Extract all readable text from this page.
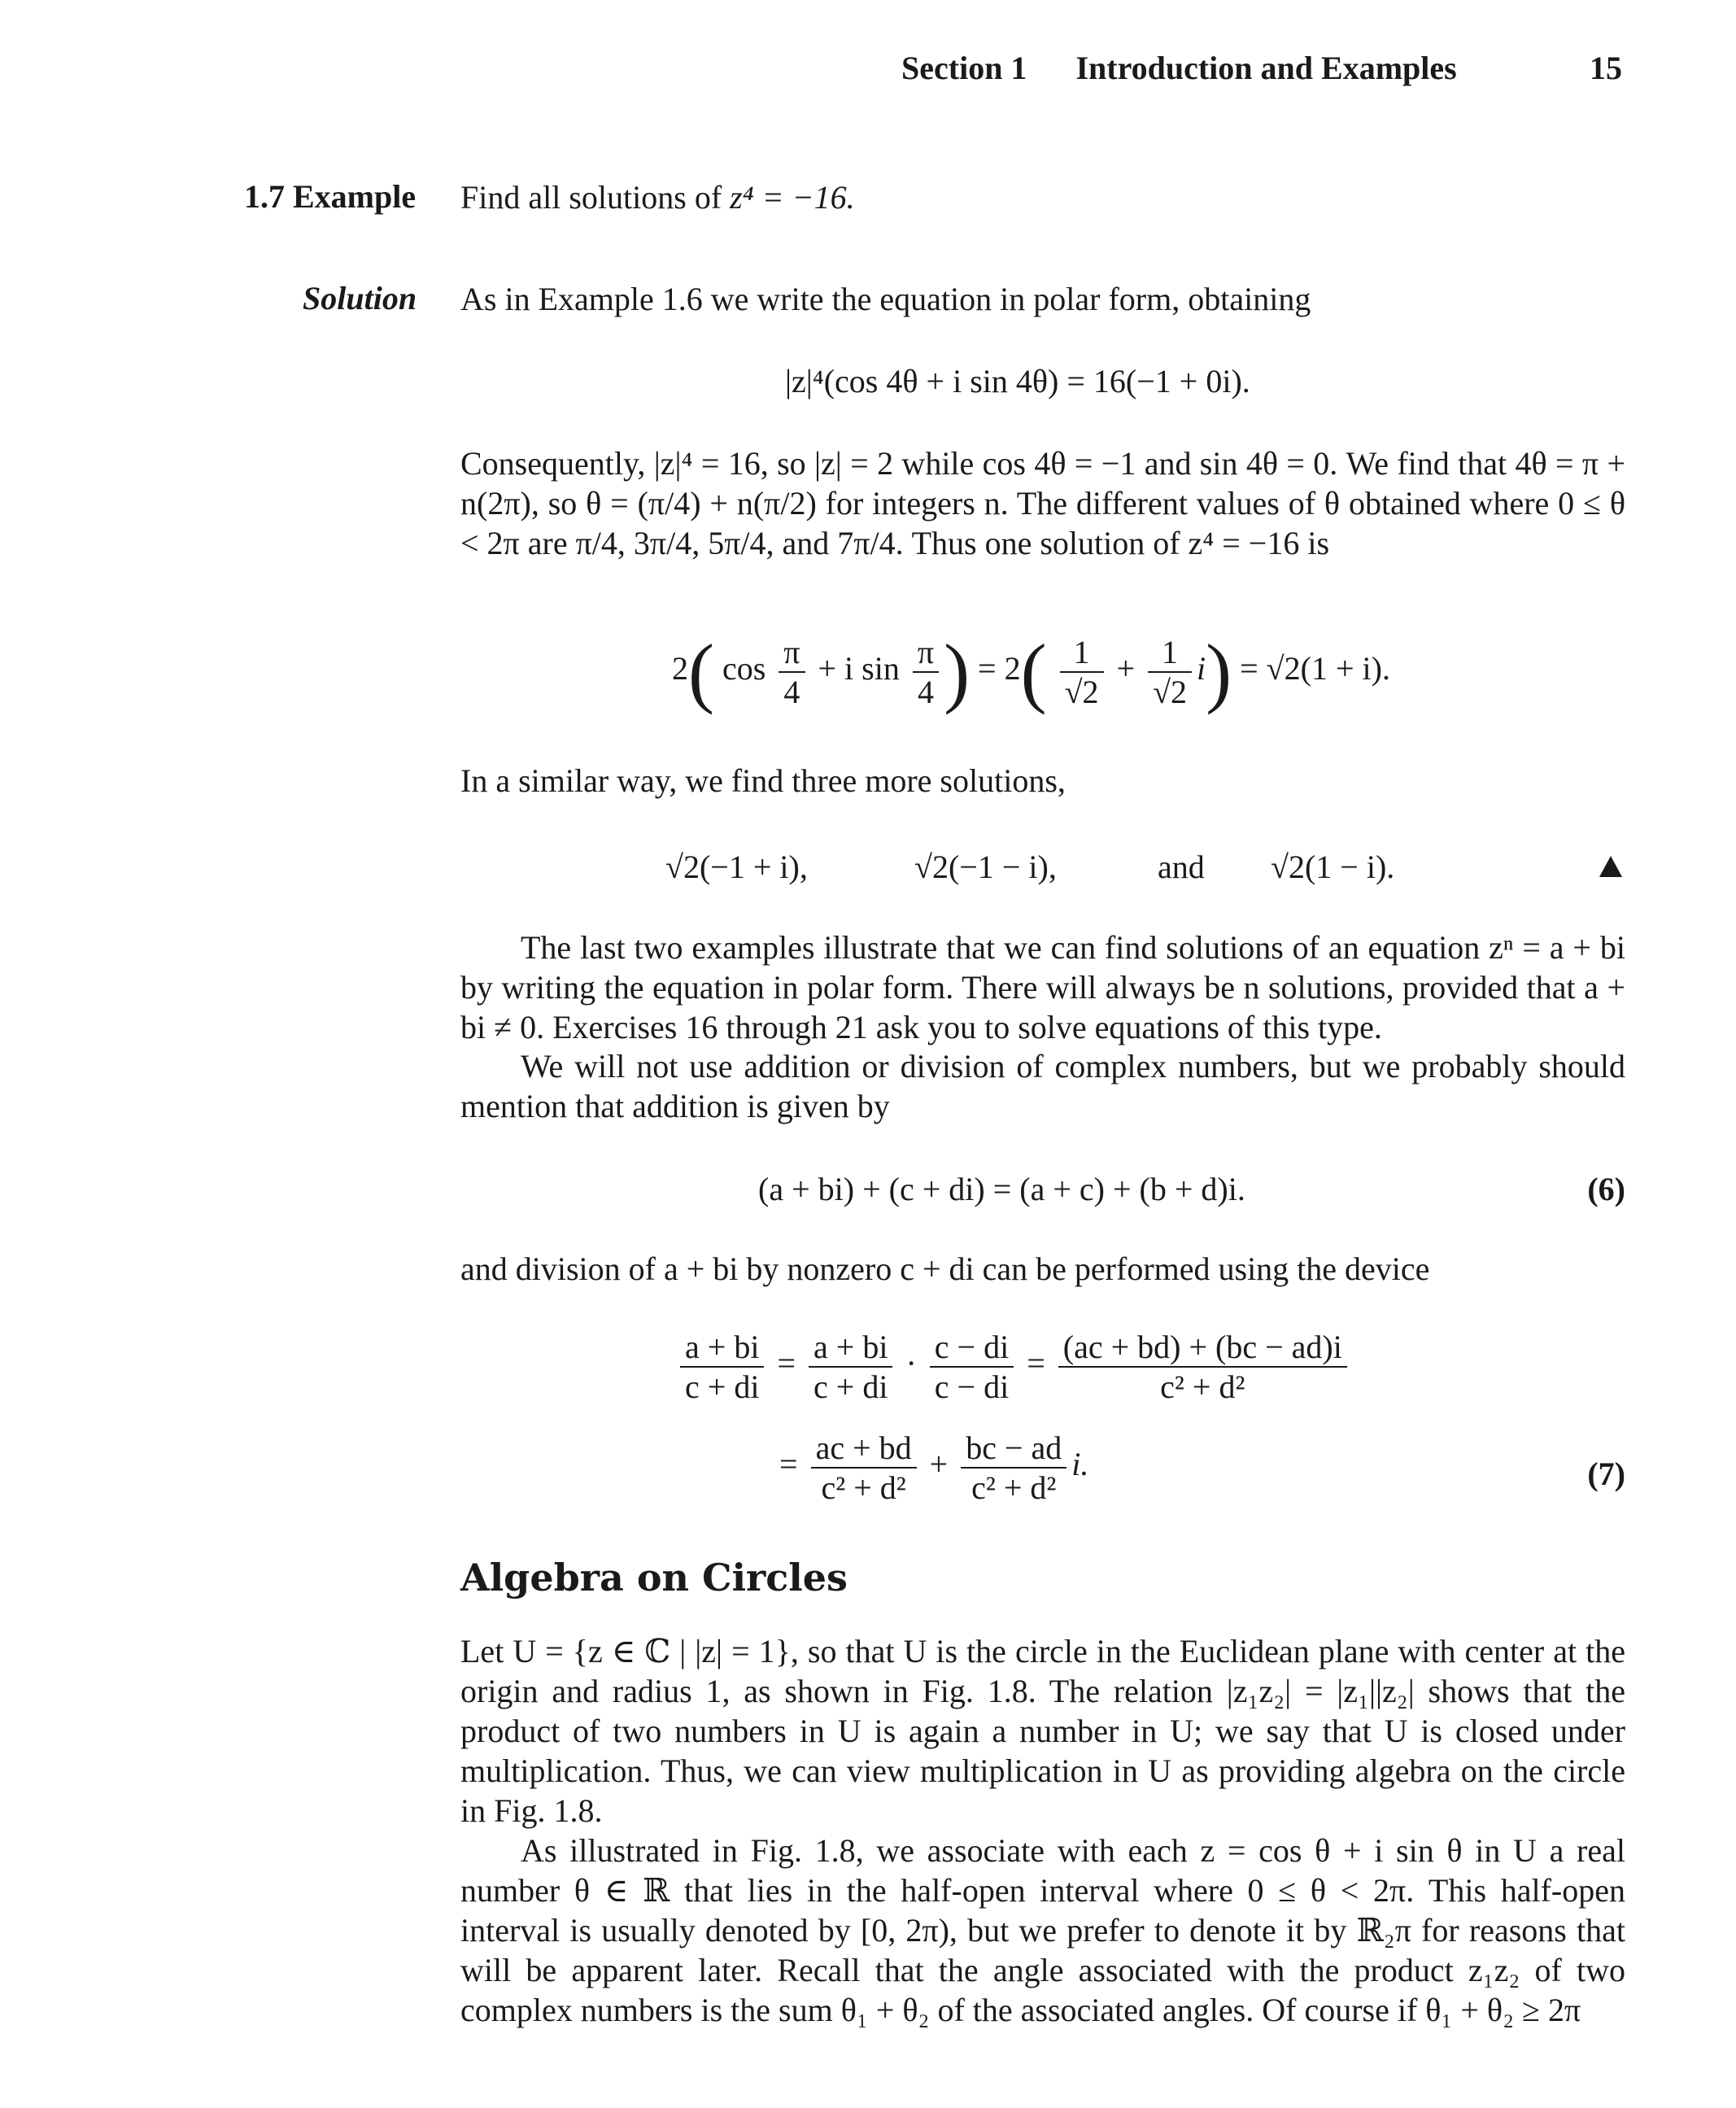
Section 1 Introduction and Examples	15
1.7 Example Find all solutions of z⁴ = −16.
Solution As in Example 1.6 we write the equation in polar form, obtaining
|z|⁴(cos 4θ + i sin 4θ) = 16(−1 + 0i).
Consequently, |z|⁴ = 16, so |z| = 2 while cos 4θ = −1 and sin 4θ = 0. We find that 4θ = π + n(2π), so θ = (π/4) + n(π/2) for integers n. The different values of θ obtained where 0 ≤ θ < 2π are π/4, 3π/4, 5π/4, and 7π/4. Thus one solution of z⁴ = −16 is
2( $\cos \frac{\pi}{4} + i$ $\sin \frac{\pi}{4}$ ) = $2( \frac{1}{√2} + \frac{1}{√2} i) = √2(1 + i)$.
In a similar way, we find three more solutions,
√2(−1 + i),	√2(−1 − i),	and √2(1 − i).
The last two examples illustrate that we can find solutions of an equation zⁿ = a + bi by writing the equation in polar form. There will always be n solutions, provided that a + bi ≠ 0. Exercises 16 through 21 ask you to solve equations of this type.
We will not use addition or division of complex numbers, but we probably should mention that addition is given by
(a + bi) + (c + di) = (a + c) + (b + d)i.	(6)
and division of a + bi by nonzero c + di can be performed using the device
$\frac{a + bi}{c + di} = \frac{a + bi}{c + di} \cdot \frac{c - di}{c - di} = \frac{(ac + bd) + (bc - ad)i}{\text{c² + d²}}$
= $\frac{ac + bd}{\text{c² + d²}} + \frac{bc - ad}{\text{c² + d²}} i$.	(7)
Algebra on Circles
Let U = {z ∈ ℂ | |z| = 1}, so that U is the circle in the Euclidean plane with center at the origin and radius 1, as shown in Fig. 1.8. The relation |z₁z₂| = |z₁||z₂| shows that the product of two numbers in U is again a number in U; we say that U is closed under multiplication. Thus, we can view multiplication in U as providing algebra on the circle in Fig. 1.8.
As illustrated in Fig. 1.8, we associate with each z = cos θ + i sin θ in U a real number θ ∈ ℝ that lies in the half-open interval where 0 ≤ θ < 2π. This half-open interval is usually denoted by [0, 2π), but we prefer to denote it by ℝ₂π for reasons that will be apparent later. Recall that the angle associated with the product z₁z₂ of two complex numbers is the sum θ₁ + θ₂ of the associated angles. Of course if θ₁ + θ₂ ≥ 2π
